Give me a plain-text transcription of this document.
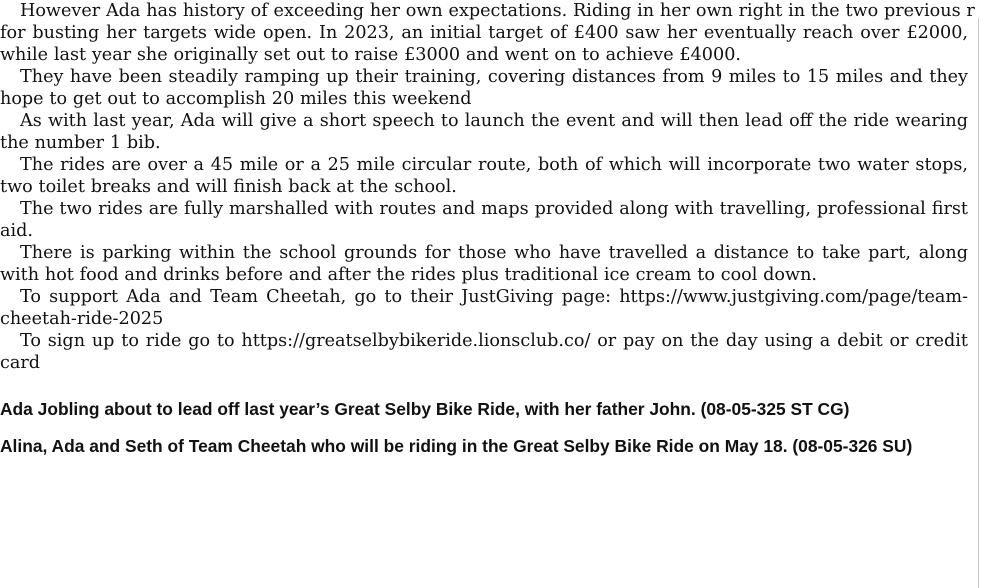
However Ada has history of exceeding her own expectations. Riding in her own right in the two previous r

for busting her targets wide open. In 2023, an initial target of £400 saw her eventually reach over £2000, while last year she originally set out to raise £3000 and went on to achieve £4000.

They have been steadily ramping up their training, covering distances from 9 miles to 15 miles and they hope to get out to accomplish 20 miles this weekend

As with last year, Ada will give a short speech to launch the event and will then lead off the ride wearing the number 1 bib.

The rides are over a 45 mile or a 25 mile circular route, both of which will incorporate two water stops, two toilet breaks and will finish back at the school.

The two rides are fully marshalled with routes and maps provided along with travelling, professional first aid.

There is parking within the school grounds for those who have travelled a distance to take part, along with hot food and drinks before and after the rides plus traditional ice cream to cool down.

To support Ada and Team Cheetah, go to their JustGiving page: https://www.justgiving.com/page/team-cheetah-ride-2025

To sign up to ride go to https://greatselbybikeride.lionsclub.co/ or pay on the day using a debit or credit card

Ada Jobling about to lead off last year’s Great Selby Bike Ride, with her father John. (08-05-325 ST CG)

Alina, Ada and Seth of Team Cheetah who will be riding in the Great Selby Bike Ride on May 18. (08-05-326 SU)
